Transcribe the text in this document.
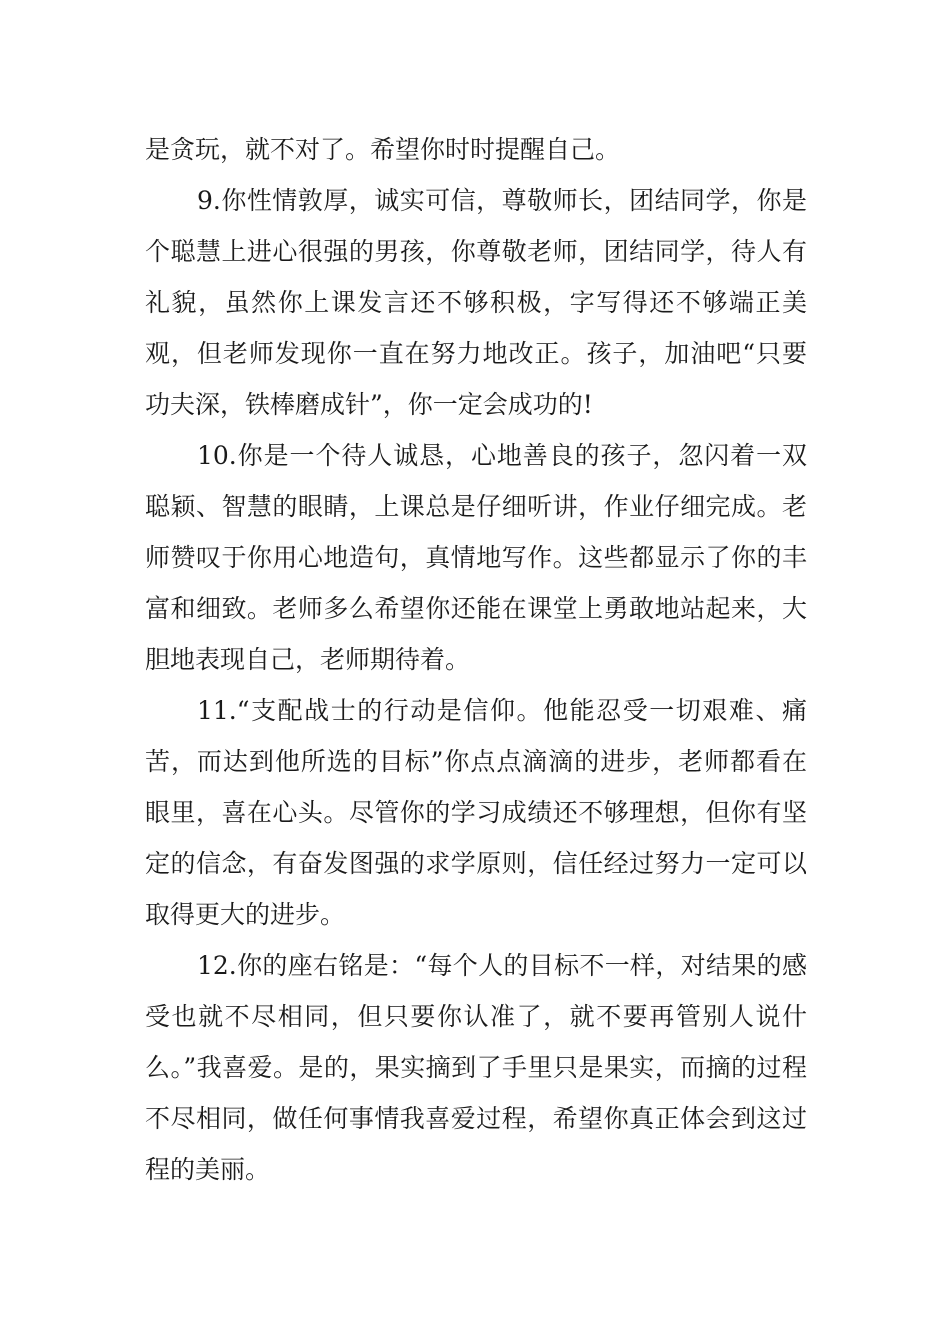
是贪玩，就不对了。希望你时时提醒自己。

9.你性情敦厚，诚实可信，尊敬师长，团结同学，你是个聪慧上进心很强的男孩，你尊敬老师，团结同学，待人有礼貌，虽然你上课发言还不够积极，字写得还不够端正美观，但老师发现你一直在努力地改正。孩子，加油吧“只要功夫深，铁棒磨成针”，你一定会成功的!

10.你是一个待人诚恳，心地善良的孩子，忽闪着一双聪颖、智慧的眼睛，上课总是仔细听讲，作业仔细完成。老师赞叹于你用心地造句，真情地写作。这些都显示了你的丰富和细致。老师多么希望你还能在课堂上勇敢地站起来，大胆地表现自己，老师期待着。

11.“支配战士的行动是信仰。他能忍受一切艰难、痛苦，而达到他所选的目标”你点点滴滴的进步，老师都看在眼里，喜在心头。尽管你的学习成绩还不够理想，但你有坚定的信念，有奋发图强的求学原则，信任经过努力一定可以取得更大的进步。

12.你的座右铭是：“每个人的目标不一样，对结果的感受也就不尽相同，但只要你认准了，就不要再管别人说什么。”我喜爱。是的，果实摘到了手里只是果实，而摘的过程不尽相同，做任何事情我喜爱过程，希望你真正体会到这过程的美丽。
